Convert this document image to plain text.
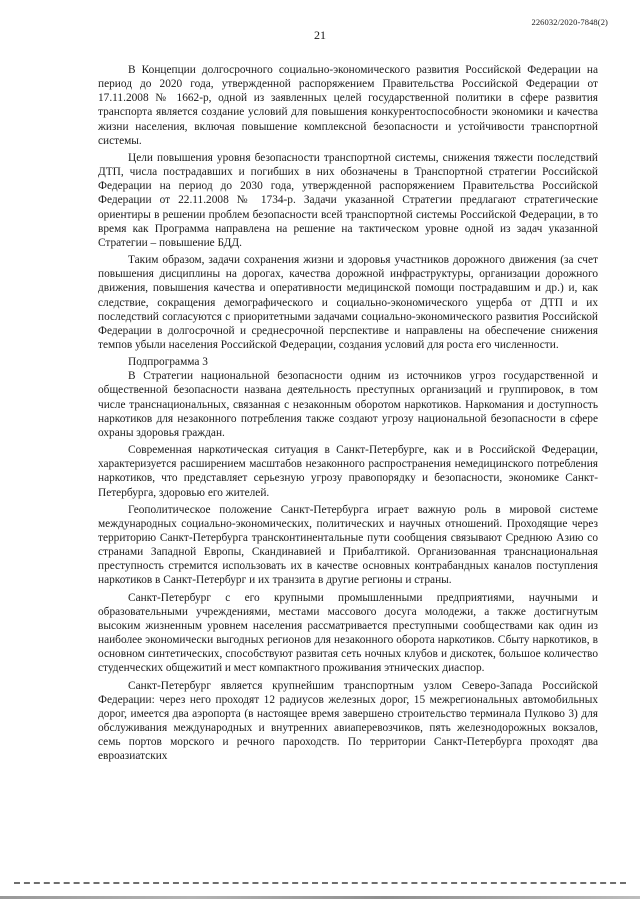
226032/2020-7848(2)
21

В Концепции долгосрочного социально-экономического развития Российской Федерации на период до 2020 года, утвержденной распоряжением Правительства Российской Федерации от 17.11.2008 № 1662-р, одной из заявленных целей государственной политики в сфере развития транспорта является создание условий для повышения конкурентоспособности экономики и качества жизни населения, включая повышение комплексной безопасности и устойчивости транспортной системы.

Цели повышения уровня безопасности транспортной системы, снижения тяжести последствий ДТП, числа пострадавших и погибших в них обозначены в Транспортной стратегии Российской Федерации на период до 2030 года, утвержденной распоряжением Правительства Российской Федерации от 22.11.2008 № 1734-р. Задачи указанной Стратегии предлагают стратегические ориентиры в решении проблем безопасности всей транспортной системы Российской Федерации, в то время как Программа направлена на решение на тактическом уровне одной из задач указанной Стратегии – повышение БДД.

Таким образом, задачи сохранения жизни и здоровья участников дорожного движения (за счет повышения дисциплины на дорогах, качества дорожной инфраструктуры, организации дорожного движения, повышения качества и оперативности медицинской помощи пострадавшим и др.) и, как следствие, сокращения демографического и социально-экономического ущерба от ДТП и их последствий согласуются с приоритетными задачами социально-экономического развития Российской Федерации в долгосрочной и среднесрочной перспективе и направлены на обеспечение снижения темпов убыли населения Российской Федерации, создания условий для роста его численности.

Подпрограмма 3

В Стратегии национальной безопасности одним из источников угроз государственной и общественной безопасности названа деятельность преступных организаций и группировок, в том числе транснациональных, связанная с незаконным оборотом наркотиков. Наркомания и доступность наркотиков для незаконного потребления также создают угрозу национальной безопасности в сфере охраны здоровья граждан.

Современная наркотическая ситуация в Санкт-Петербурге, как и в Российской Федерации, характеризуется расширением масштабов незаконного распространения немедицинского потребления наркотиков, что представляет серьезную угрозу правопорядку и безопасности, экономике Санкт-Петербурга, здоровью его жителей.

Геополитическое положение Санкт-Петербурга играет важную роль в мировой системе международных социально-экономических, политических и научных отношений. Проходящие через территорию Санкт-Петербурга трансконтинентальные пути сообщения связывают Среднюю Азию со странами Западной Европы, Скандинавией и Прибалтикой. Организованная транснациональная преступность стремится использовать их в качестве основных контрабандных каналов поступления наркотиков в Санкт-Петербург и их транзита в другие регионы и страны.

Санкт-Петербург с его крупными промышленными предприятиями, научными и образовательными учреждениями, местами массового досуга молодежи, а также достигнутым высоким жизненным уровнем населения рассматривается преступными сообществами как один из наиболее экономически выгодных регионов для незаконного оборота наркотиков. Сбыту наркотиков, в основном синтетических, способствуют развитая сеть ночных клубов и дискотек, большое количество студенческих общежитий и мест компактного проживания этнических диаспор.

Санкт-Петербург является крупнейшим транспортным узлом Северо-Запада Российской Федерации: через него проходят 12 радиусов железных дорог, 15 межрегиональных автомобильных дорог, имеется два аэропорта (в настоящее время завершено строительство терминала Пулково 3) для обслуживания международных и внутренних авиаперевозчиков, пять железнодорожных вокзалов, семь портов морского и речного пароходств. По территории Санкт-Петербурга проходят два евроазиатских
